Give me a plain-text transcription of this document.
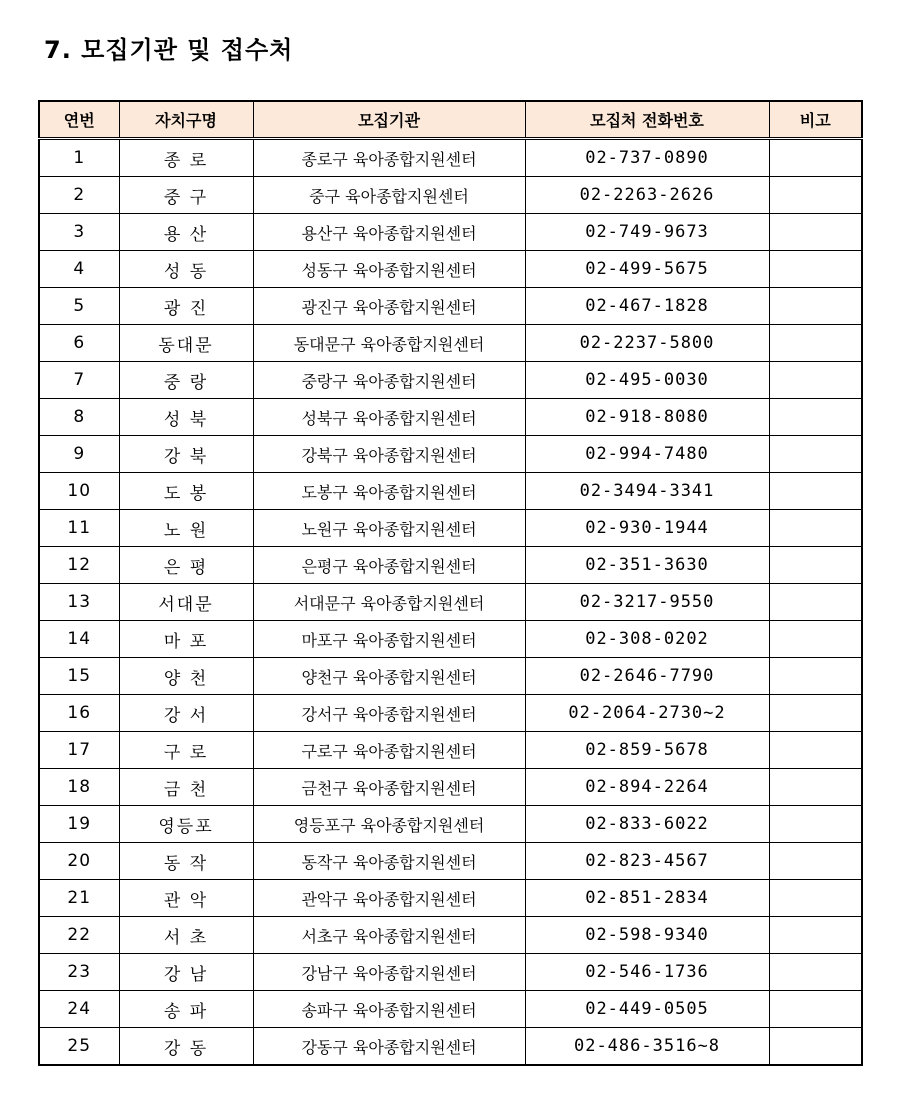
7. 모집기관 및 접수처
연번	자치구명	모집기관	모집처 전화번호	비고
1	종 로	종로구 육아종합지원센터	02-737-0890	
2	중 구	중구 육아종합지원센터	02-2263-2626	
3	용 산	용산구 육아종합지원센터	02-749-9673	
4	성 동	성동구 육아종합지원센터	02-499-5675	
5	광 진	광진구 육아종합지원센터	02-467-1828	
6	동대문	동대문구 육아종합지원센터	02-2237-5800	
7	중 랑	중랑구 육아종합지원센터	02-495-0030	
8	성 북	성북구 육아종합지원센터	02-918-8080	
9	강 북	강북구 육아종합지원센터	02-994-7480	
10	도 봉	도봉구 육아종합지원센터	02-3494-3341	
11	노 원	노원구 육아종합지원센터	02-930-1944	
12	은 평	은평구 육아종합지원센터	02-351-3630	
13	서대문	서대문구 육아종합지원센터	02-3217-9550	
14	마 포	마포구 육아종합지원센터	02-308-0202	
15	양 천	양천구 육아종합지원센터	02-2646-7790	
16	강 서	강서구 육아종합지원센터	02-2064-2730~2	
17	구 로	구로구 육아종합지원센터	02-859-5678	
18	금 천	금천구 육아종합지원센터	02-894-2264	
19	영등포	영등포구 육아종합지원센터	02-833-6022	
20	동 작	동작구 육아종합지원센터	02-823-4567	
21	관 악	관악구 육아종합지원센터	02-851-2834	
22	서 초	서초구 육아종합지원센터	02-598-9340	
23	강 남	강남구 육아종합지원센터	02-546-1736	
24	송 파	송파구 육아종합지원센터	02-449-0505	
25	강 동	강동구 육아종합지원센터	02-486-3516~8	
